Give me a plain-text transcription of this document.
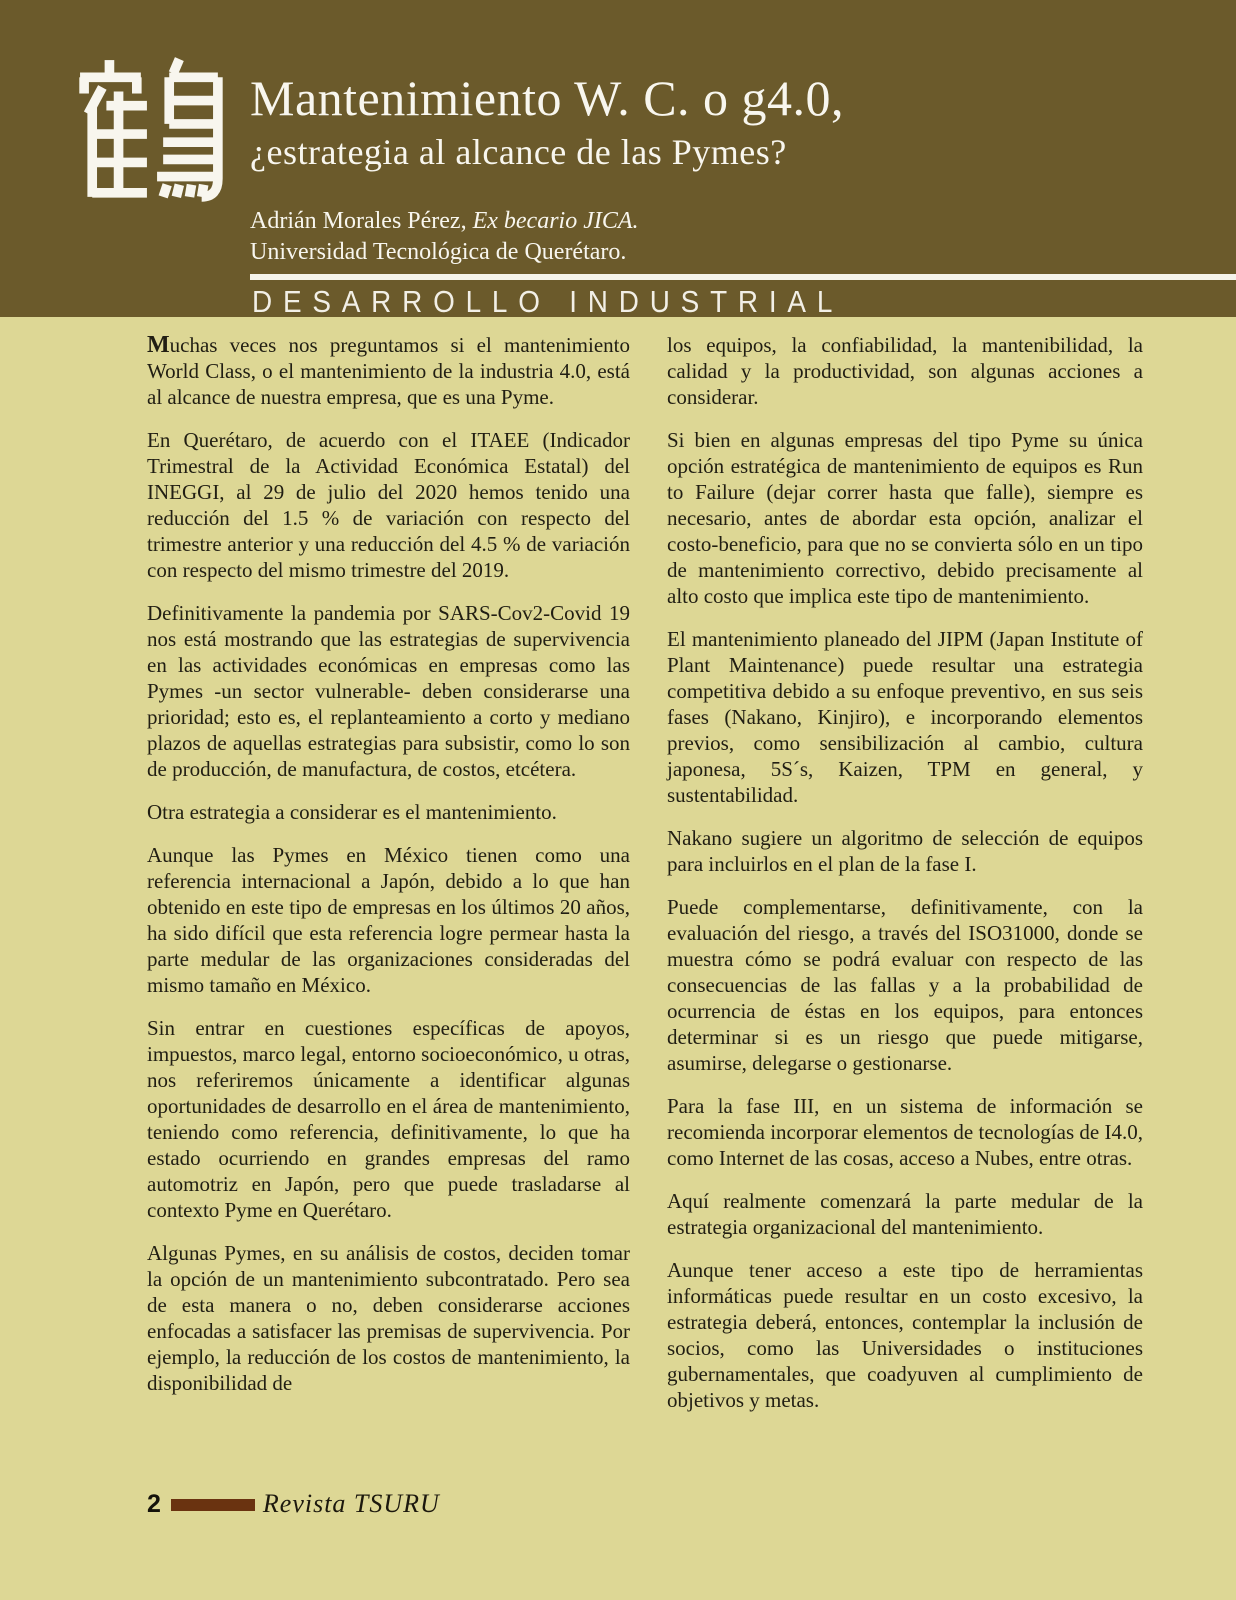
Mantenimiento W. C. o g4.0,
¿estrategia al alcance de las Pymes?

Adrián Morales Pérez, Ex becario JICA.

Universidad Tecnológica de Querétaro.

DESARROLLO INDUSTRIAL

Muchas veces nos preguntamos si el mantenimiento World Class, o el mantenimiento de la industria 4.0, está al alcance de nuestra empresa, que es una Pyme.

En Querétaro, de acuerdo con el ITAEE (Indicador Trimestral de la Actividad Económica Estatal) del INEGGI, al 29 de julio del 2020 hemos tenido una reducción del 1.5 % de variación con respecto del trimestre anterior y una reducción del 4.5 % de variación con respecto del mismo trimestre del 2019.

Definitivamente la pandemia por SARS-Cov2-Covid 19 nos está mostrando que las estrategias de supervivencia en las actividades económicas en empresas como las Pymes -un sector vulnerable- deben considerarse una prioridad; esto es, el replanteamiento a corto y mediano plazos de aquellas estrategias para subsistir, como lo son de producción, de manufactura, de costos, etcétera.

Otra estrategia a considerar es el mantenimiento.

Aunque las Pymes en México tienen como una referencia internacional a Japón, debido a lo que han obtenido en este tipo de empresas en los últimos 20 años, ha sido difícil que esta referencia logre permear hasta la parte medular de las organizaciones consideradas del mismo tamaño en México.

Sin entrar en cuestiones específicas de apoyos, impuestos, marco legal, entorno socioeconómico, u otras, nos referiremos únicamente a identificar algunas oportunidades de desarrollo en el área de mantenimiento, teniendo como referencia, definitivamente, lo que ha estado ocurriendo en grandes empresas del ramo automotriz en Japón, pero que puede trasladarse al contexto Pyme en Querétaro.

Algunas Pymes, en su análisis de costos, deciden tomar la opción de un mantenimiento subcontratado. Pero sea de esta manera o no, deben considerarse acciones enfocadas a satisfacer las premisas de supervivencia. Por ejemplo, la reducción de los costos de mantenimiento, la disponibilidad de

los equipos, la confiabilidad, la mantenibilidad, la calidad y la productividad, son algunas acciones a considerar.

Si bien en algunas empresas del tipo Pyme su única opción estratégica de mantenimiento de equipos es Run to Failure (dejar correr hasta que falle), siempre es necesario, antes de abordar esta opción, analizar el costo-beneficio, para que no se convierta sólo en un tipo de mantenimiento correctivo, debido precisamente al alto costo que implica este tipo de mantenimiento.

El mantenimiento planeado del JIPM (Japan Institute of Plant Maintenance) puede resultar una estrategia competitiva debido a su enfoque preventivo, en sus seis fases (Nakano, Kinjiro), e incorporando elementos previos, como sensibilización al cambio, cultura japonesa, 5S´s, Kaizen, TPM en general, y sustentabilidad.

Nakano sugiere un algoritmo de selección de equipos para incluirlos en el plan de la fase I.

Puede complementarse, definitivamente, con la evaluación del riesgo, a través del ISO31000, donde se muestra cómo se podrá evaluar con respecto de las consecuencias de las fallas y a la probabilidad de ocurrencia de éstas en los equipos, para entonces determinar si es un riesgo que puede mitigarse, asumirse, delegarse o gestionarse.

Para la fase III, en un sistema de información se recomienda incorporar elementos de tecnologías de I4.0, como Internet de las cosas, acceso a Nubes, entre otras.

Aquí realmente comenzará la parte medular de la estrategia organizacional del mantenimiento.

Aunque tener acceso a este tipo de herramientas informáticas puede resultar en un costo excesivo, la estrategia deberá, entonces, contemplar la inclusión de socios, como las Universidades o instituciones gubernamentales, que coadyuven al cumplimiento de objetivos y metas.

2	Revista TSURU
